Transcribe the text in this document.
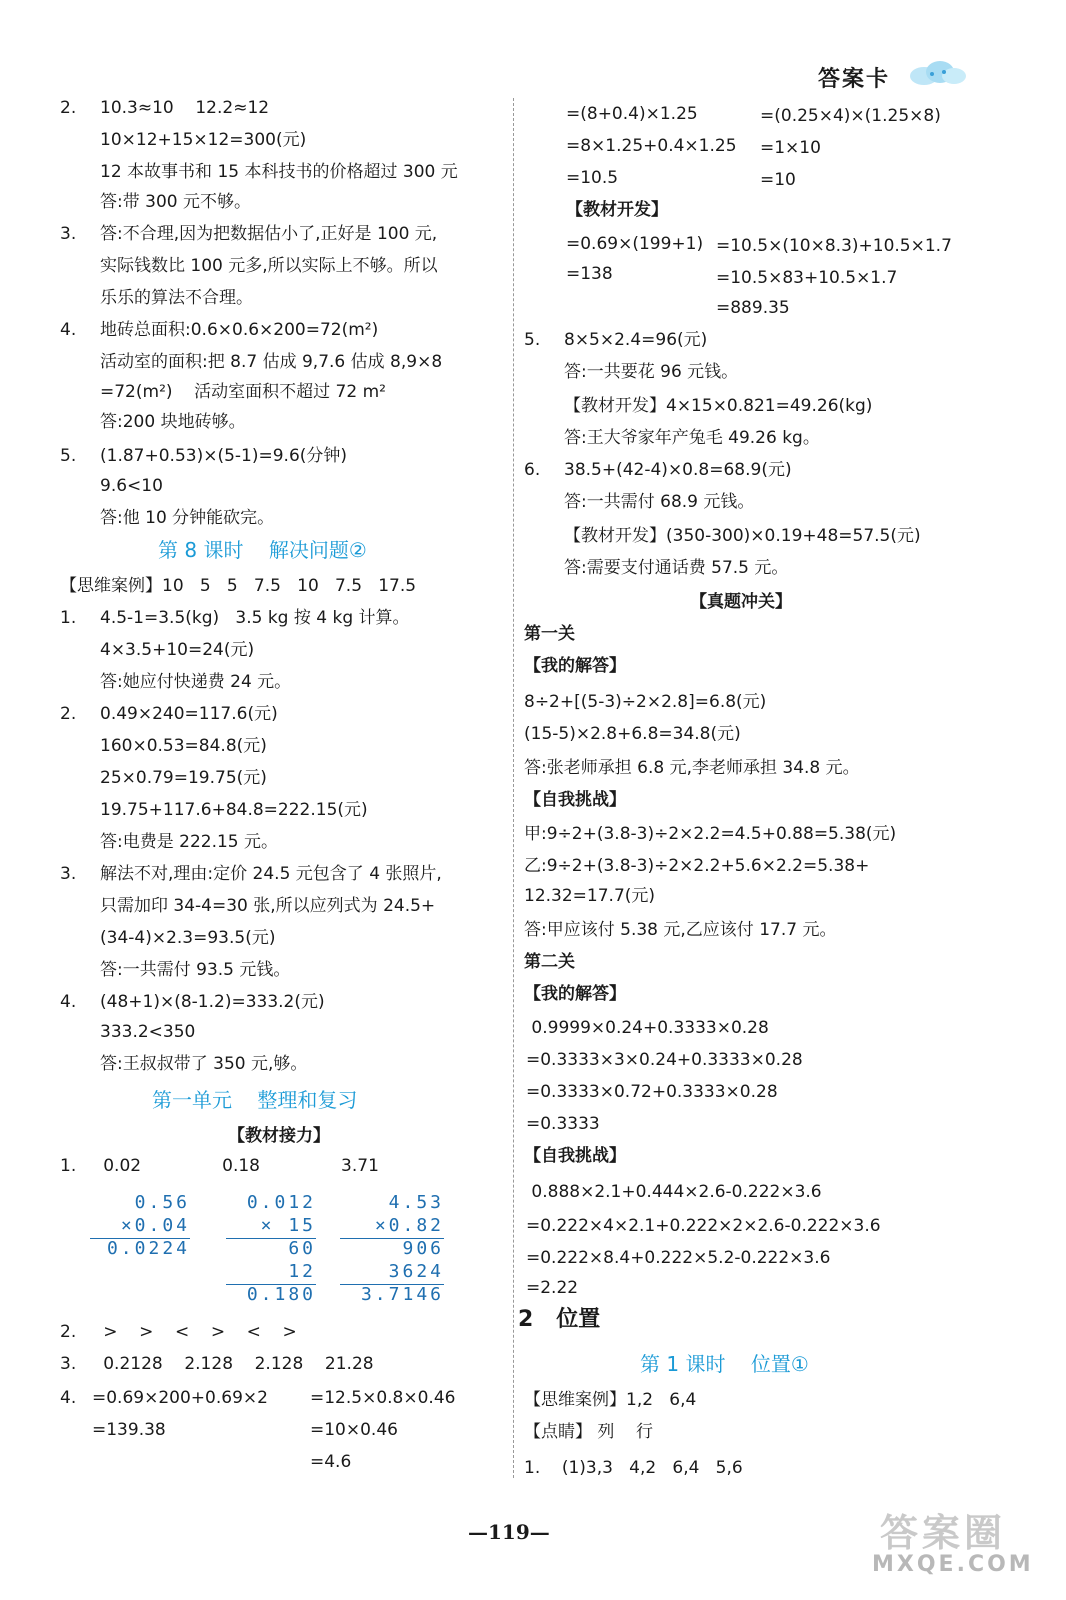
答案卡
2. 10.3≈10    12.2≈12
10×12+15×12=300(元)
12 本故事书和 15 本科技书的价格超过 300 元
答:带 300 元不够。
3. 答:不合理,因为把数据估小了,正好是 100 元,
实际钱数比 100 元多,所以实际上不够。所以
乐乐的算法不合理。
4. 地砖总面积:0.6×0.6×200=72(m²)
活动室的面积:把 8.7 估成 9,7.6 估成 8,9×8
=72(m²)    活动室面积不超过 72 m²
答:200 块地砖够。
5. (1.87+0.53)×(5-1)=9.6(分钟)
9.6<10
答:他 10 分钟能砍完。
第 8 课时    解决问题②
【思维案例】10   5   5   7.5   10   7.5   17.5
1. 4.5-1=3.5(kg)   3.5 kg 按 4 kg 计算。
4×3.5+10=24(元)
答:她应付快递费 24 元。
2. 0.49×240=117.6(元)
160×0.53=84.8(元)
25×0.79=19.75(元)
19.75+117.6+84.8=222.15(元)
答:电费是 222.15 元。
3. 解法不对,理由:定价 24.5 元包含了 4 张照片,
只需加印 34-4=30 张,所以应列式为 24.5+
(34-4)×2.3=93.5(元)
答:一共需付 93.5 元钱。
4. (48+1)×(8-1.2)=333.2(元)
333.2<350
答:王叔叔带了 350 元,够。
第一单元    整理和复习
【教材接力】
1.     0.02               0.18               3.71
2.     >    >    <    >    <    >
3.     0.2128    2.128    2.128    21.28
4. =0.69×200+0.69×2 =12.5×0.8×0.46
=139.38	=10×0.46
=4.6
0.56
×0.04
0.0224
0.012
× 15
60
12
0.180
4.53
×0.82
906
3624
3.7146
=(8+0.4)×1.25	=(0.25×4)×(1.25×8)
=8×1.25+0.4×1.25 =1×10
=10.5	=10
【教材开发】
=0.69×(199+1) =10.5×(10×8.3)+10.5×1.7
=138	=10.5×83+10.5×1.7
=889.35
5. 8×5×2.4=96(元)
答:一共要花 96 元钱。
【教材开发】4×15×0.821=49.26(kg)
答:王大爷家年产兔毛 49.26 kg。
6. 38.5+(42-4)×0.8=68.9(元)
答:一共需付 68.9 元钱。
【教材开发】(350-300)×0.19+48=57.5(元)
答:需要支付通话费 57.5 元。
【真题冲关】
第一关
【我的解答】
8÷2+[(5-3)÷2×2.8]=6.8(元)
(15-5)×2.8+6.8=34.8(元)
答:张老师承担 6.8 元,李老师承担 34.8 元。
【自我挑战】
甲:9÷2+(3.8-3)÷2×2.2=4.5+0.88=5.38(元)
乙:9÷2+(3.8-3)÷2×2.2+5.6×2.2=5.38+
12.32=17.7(元)
答:甲应该付 5.38 元,乙应该付 17.7 元。
第二关
【我的解答】
0.9999×0.24+0.3333×0.28
=0.3333×3×0.24+0.3333×0.28
=0.3333×0.72+0.3333×0.28
=0.3333
【自我挑战】
0.888×2.1+0.444×2.6-0.222×3.6
=0.222×4×2.1+0.222×2×2.6-0.222×3.6
=0.222×8.4+0.222×5.2-0.222×3.6
=2.22
2   位置
第 1 课时    位置①
【思维案例】1,2   6,4
【点睛】 列    行
1.    (1)3,3   4,2   6,4   5,6
—119—	答案圈
MXQE.COM
